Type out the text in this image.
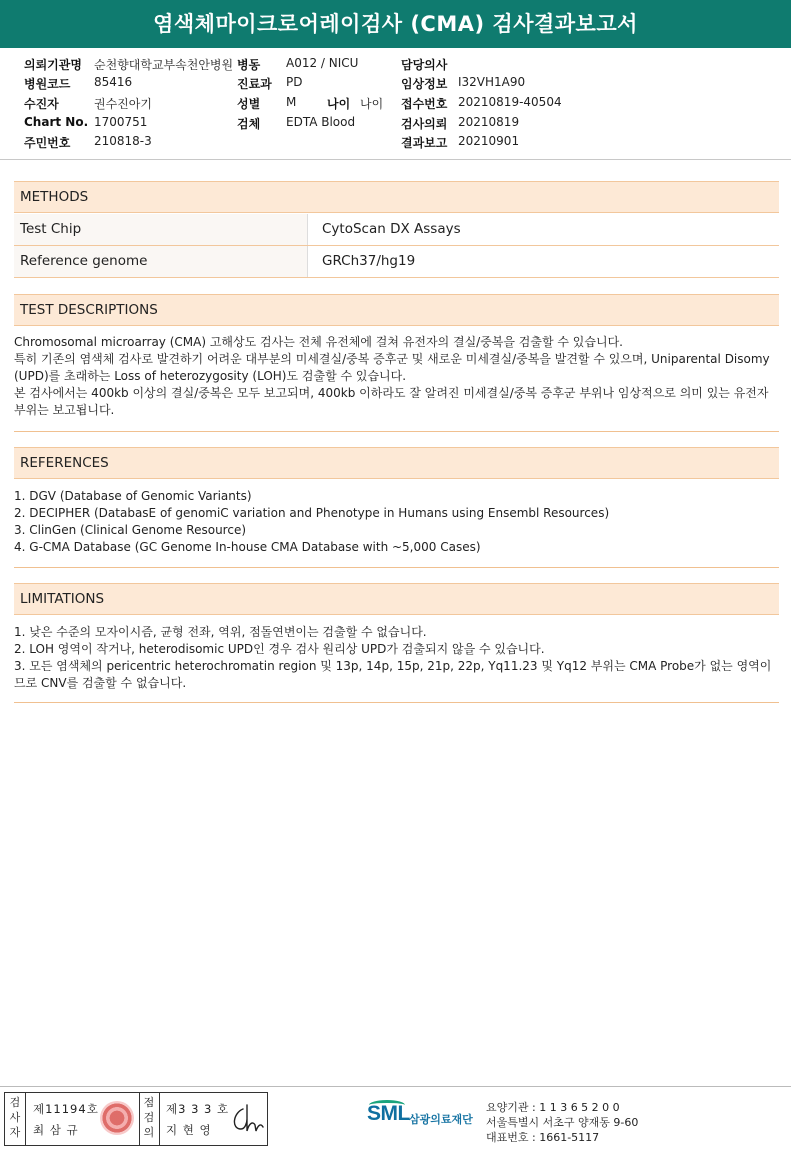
염색체마이크로어레이검사 (CMA) 검사결과보고서
의뢰기관명 순천향대학교부속천안병원
병원코드 85416
수진자	권수진아기
Chart No. 1700751
주민번호 210818-3
병동 A012 / NICU
진료과 PD
성별 M	나이 나이
검체 EDTA Blood
담당의사
임상정보 I32VH1A90
접수번호 20210819-40504
검사의뢰 20210819
결과보고 20210901
METHODS
Test Chip	CytoScan DX Assays
Reference genome	GRCh37/hg19
TEST DESCRIPTIONS

Chromosomal microarray (CMA) 고해상도 검사는 전체 유전체에 걸쳐 유전자의 결실/중복을 검출할 수 있습니다.

특히 기존의 염색체 검사로 발견하기 어려운 대부분의 미세결실/중복 증후군 및 새로운 미세결실/중복을 발견할 수 있으며, Uniparental Disomy (UPD)를 초래하는 Loss of heterozygosity (LOH)도 검출할 수 있습니다.

본 검사에서는 400kb 이상의 결실/중복은 모두 보고되며, 400kb 이하라도 잘 알려진 미세결실/중복 증후군 부위나 임상적으로 의미 있는 유전자 부위는 보고됩니다.

REFERENCES

1. DGV (Database of Genomic Variants)

2. DECIPHER (DatabasE of genomiC variation and Phenotype in Humans using Ensembl Resources)

3. ClinGen (Clinical Genome Resource)

4. G-CMA Database (GC Genome In-house CMA Database with ~5,000 Cases)

LIMITATIONS

1. 낮은 수준의 모자이시즘, 균형 전좌, 역위, 점돌연변이는 검출할 수 없습니다.

2. LOH 영역이 작거나, heterodisomic UPD인 경우 검사 원리상 UPD가 검출되지 않을 수 있습니다.

3. 모든 염색체의 pericentric heterochromatin region 및 13p, 14p, 15p, 21p, 22p, Yq11.23 및 Yq12 부위는 CMA Probe가 없는 영역이므로 CNV를 검출할 수 없습니다.

검사자
제11194호
최 삼 규
점검의
제3 3 3 호
지 현 영
SML 삼광의료재단
요양기관 : 1 1 3 6 5 2 0 0
서울특별시 서초구 양재동 9-60
대표번호 : 1661-5117
